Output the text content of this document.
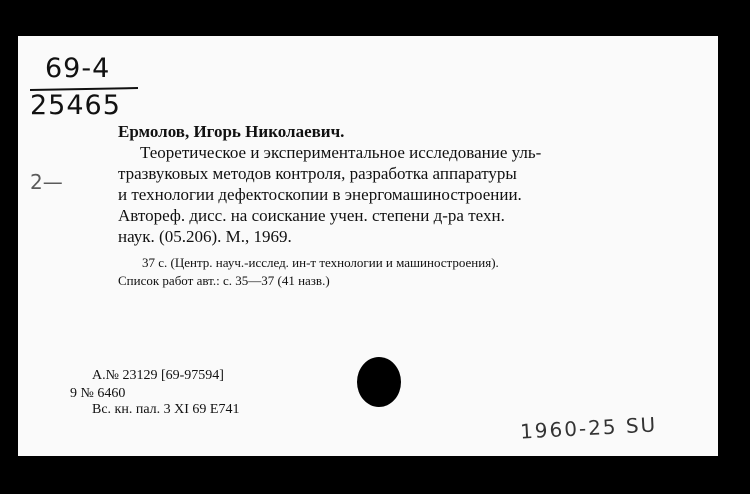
69-4
25465
2—
Ермолов, Игорь Николаевич.
Теоретическое и экспериментальное исследование уль-
тразвуковых методов контроля, разработка аппаратуры
и технологии дефектоскопии в энергомашиностроении.
Автореф. дисс. на соискание учен. степени д-ра техн.
наук. (05.206). М., 1969.
37 с. (Центр. науч.-исслед. ин-т технологии и машиностроения).
Список работ авт.: с. 35—37 (41 назв.)
А.№ 23129 [69-97594]
9 № 6460
Вс. кн. пал. 3 XI 69 Е741
1960-25 SU
